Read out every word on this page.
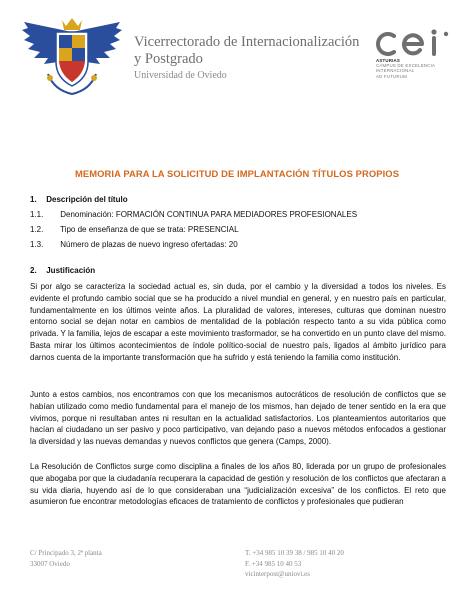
Vicerrectorado de Internacionalización
y Postgrado
Universidad de Oviedo
ASTURIAS
CAMPUS DE EXCELENCIA
INTERNACIONAL
AD FUTURUM
MEMORIA PARA LA SOLICITUD DE IMPLANTACIÓN TÍTULOS PROPIOS
1. Descripción del título
1.1. Denominación: FORMACIÓN CONTINUA PARA MEDIADORES PROFESIONALES
1.2. Tipo de enseñanza de que se trata: PRESENCIAL
1.3. Número de plazas de nuevo ingreso ofertadas: 20
2. Justificación

Si por algo se caracteriza la sociedad actual es, sin duda, por el cambio y la diversidad a todos los niveles. Es evidente el profundo cambio social que se ha producido a nivel mundial en general, y en nuestro país en particular, fundamentalmente en los últimos veinte años. La pluralidad de valores, intereses, culturas que dominan nuestro entorno social se dejan notar en cambios de mentalidad de la población respecto tanto a su vida pública como privada. Y la familia, lejos de escapar a este movimiento trasformador, se ha convertido en un punto clave del mismo. Basta mirar los últimos acontecimientos de índole político-social de nuestro país, ligados al ámbito jurídico para darnos cuenta de la importante transformación que ha sufrido y está teniendo la familia como institución.

Junto a estos cambios, nos encontramos con que los mecanismos autocráticos de resolución de conflictos que se habían utilizado como medio fundamental para el manejo de los mismos, han dejado de tener sentido en la era que vivimos, porque ni resultaban antes ni resultan en la actualidad satisfactorios. Los planteamientos autoritarios que hacían al ciudadano un ser pasivo y poco participativo, van dejando paso a nuevos métodos enfocados a gestionar la diversidad y las nuevas demandas y nuevos conflictos que genera (Camps, 2000).

La Resolución de Conflictos surge como disciplina a finales de los años 80, liderada por un grupo de profesionales que abogaba por que la ciudadanía recuperara la capacidad de gestión y resolución de los conflictos que afectaran a su vida diaria, huyendo así de lo que consideraban una “judicialización excesiva” de los conflictos. El reto que asumieron fue encontrar metodologías eficaces de tratamiento de conflictos y profesionales que pudieran

C/ Principado 3, 2ª planta
33007 Oviedo
T. +34 985 10 39 38 / 985 10 40 20
F. +34 985 10 40 53
vicinterpost@uniovi.es
